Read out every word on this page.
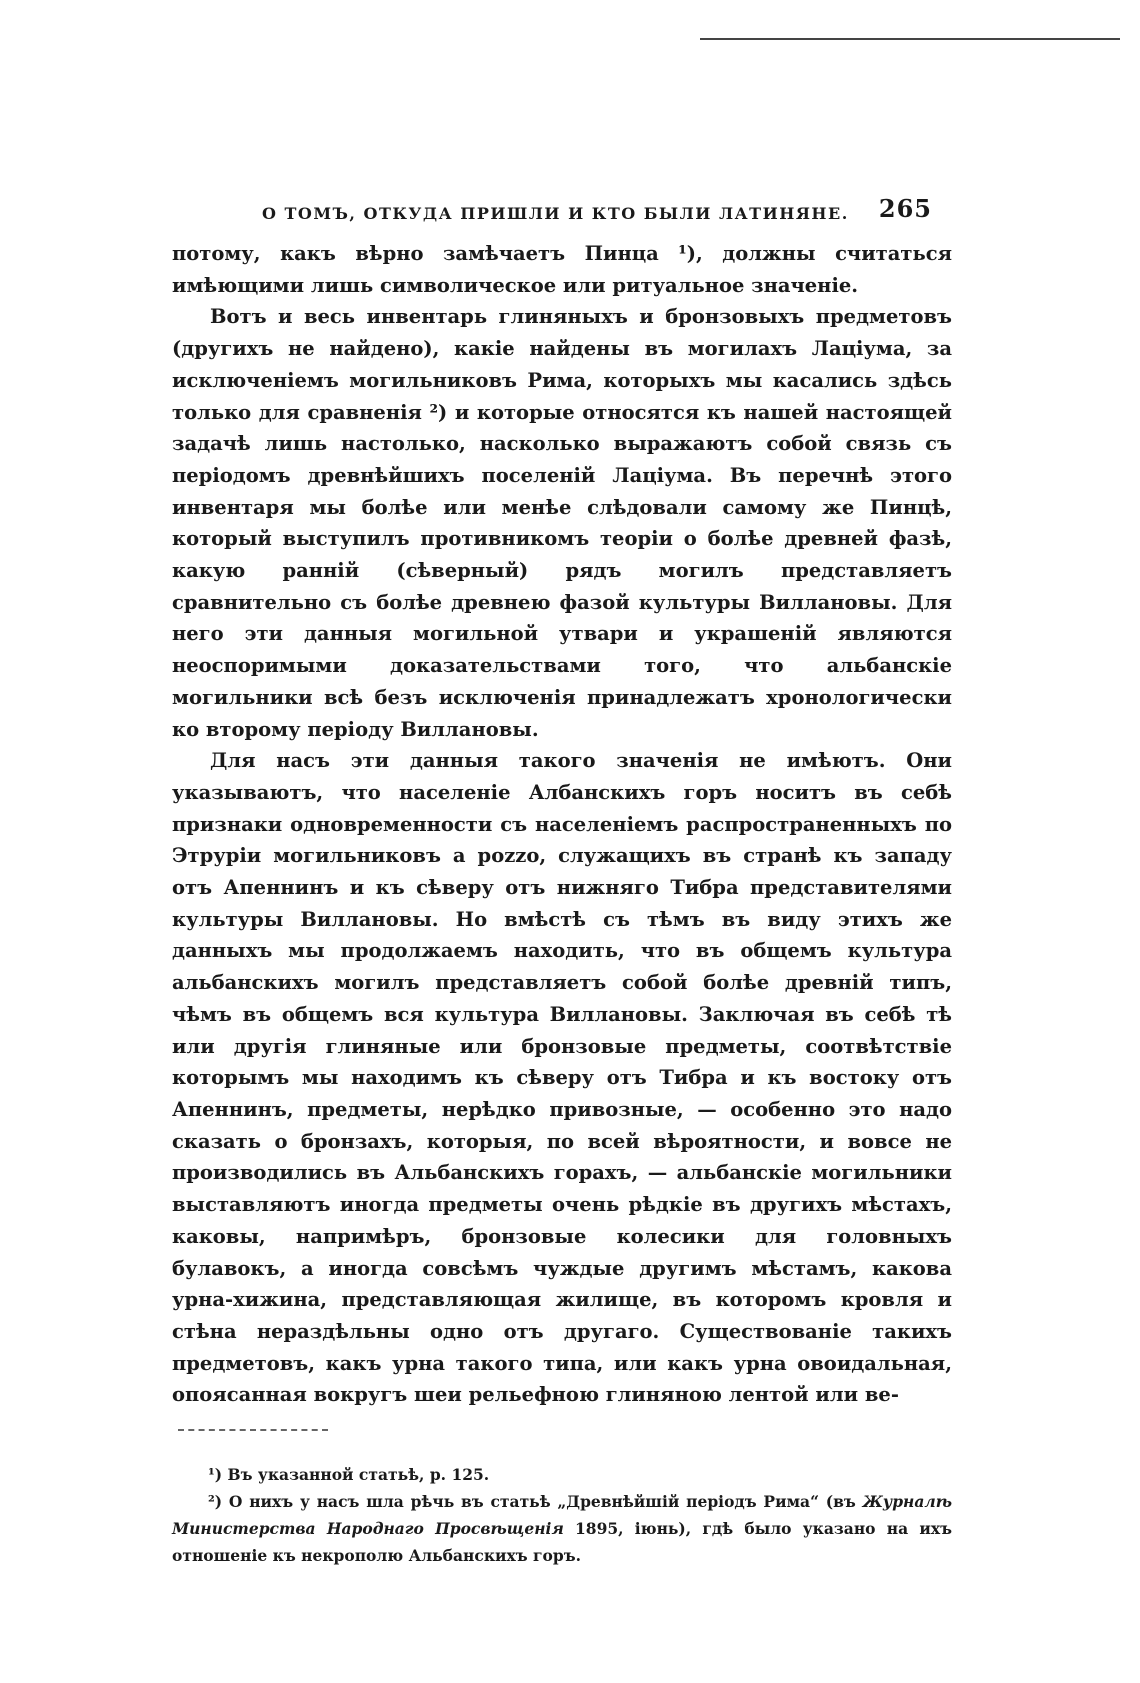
О ТОМЪ, ОТКУДА ПРИШЛИ И КТО БЫЛИ ЛАТИНЯНЕ. 265

потому, какъ вѣрно замѣчаетъ Пинца ¹), должны считаться имѣющими лишь символическое или ритуальное значеніе.

Вотъ и весь инвентарь глиняныхъ и бронзовыхъ предметовъ (другихъ не найдено), какіе найдены въ могилахъ Лаціума, за исключеніемъ могильниковъ Рима, которыхъ мы касались здѣсь только для сравненія ²) и которые относятся къ нашей настоящей задачѣ лишь настолько, насколько выражаютъ собой связь съ періодомъ древнѣйшихъ поселеній Лаціума. Въ перечнѣ этого инвентаря мы болѣе или менѣе слѣдовали самому же Пинцѣ, который выступилъ противникомъ теоріи о болѣе древней фазѣ, какую ранній (сѣверный) рядъ могилъ представляетъ сравнительно съ болѣе древнею фазой культуры Виллановы. Для него эти данныя могильной утвари и украшеній являются неоспоримыми доказательствами того, что альбанскіе могильники всѣ безъ исключенія принадлежатъ хронологически ко второму періоду Виллановы.

Для насъ эти данныя такого значенія не имѣютъ. Они указываютъ, что населеніе Албанскихъ горъ носитъ въ себѣ признаки одновременности съ населеніемъ распространенныхъ по Этруріи могильниковъ a pozzo, служащихъ въ странѣ къ западу отъ Апеннинъ и къ сѣверу отъ нижняго Тибра представителями культуры Виллановы. Но вмѣстѣ съ тѣмъ въ виду этихъ же данныхъ мы продолжаемъ находить, что въ общемъ культура альбанскихъ могилъ представляетъ собой болѣе древній типъ, чѣмъ въ общемъ вся культура Виллановы. Заключая въ себѣ тѣ или другія глиняные или бронзовые предметы, соотвѣтствіе которымъ мы находимъ къ сѣверу отъ Тибра и къ востоку отъ Апеннинъ, предметы, нерѣдко привозные, — особенно это надо сказать о бронзахъ, которыя, по всей вѣроятности, и вовсе не производились въ Альбанскихъ горахъ, — альбанскіе могильники выставляютъ иногда предметы очень рѣдкіе въ другихъ мѣстахъ, каковы, напримѣръ, бронзовые колесики для головныхъ булавокъ, а иногда совсѣмъ чуждые другимъ мѣстамъ, какова урна-хижина, представляющая жилище, въ которомъ кровля и стѣна нераздѣльны одно отъ другаго. Существованіе такихъ предметовъ, какъ урна такого типа, или какъ урна овоидальная, опоясанная вокругъ шеи рельефною глиняною лентой или ве-

¹) Въ указанной статьѣ, p. 125.

²) О нихъ у насъ шла рѣчь въ статьѣ „Древнѣйшій періодъ Рима“ (въ Журналѣ Министерства Народнаго Просвѣщенія 1895, іюнь), гдѣ было указано на ихъ отношеніе къ некрополю Альбанскихъ горъ.
